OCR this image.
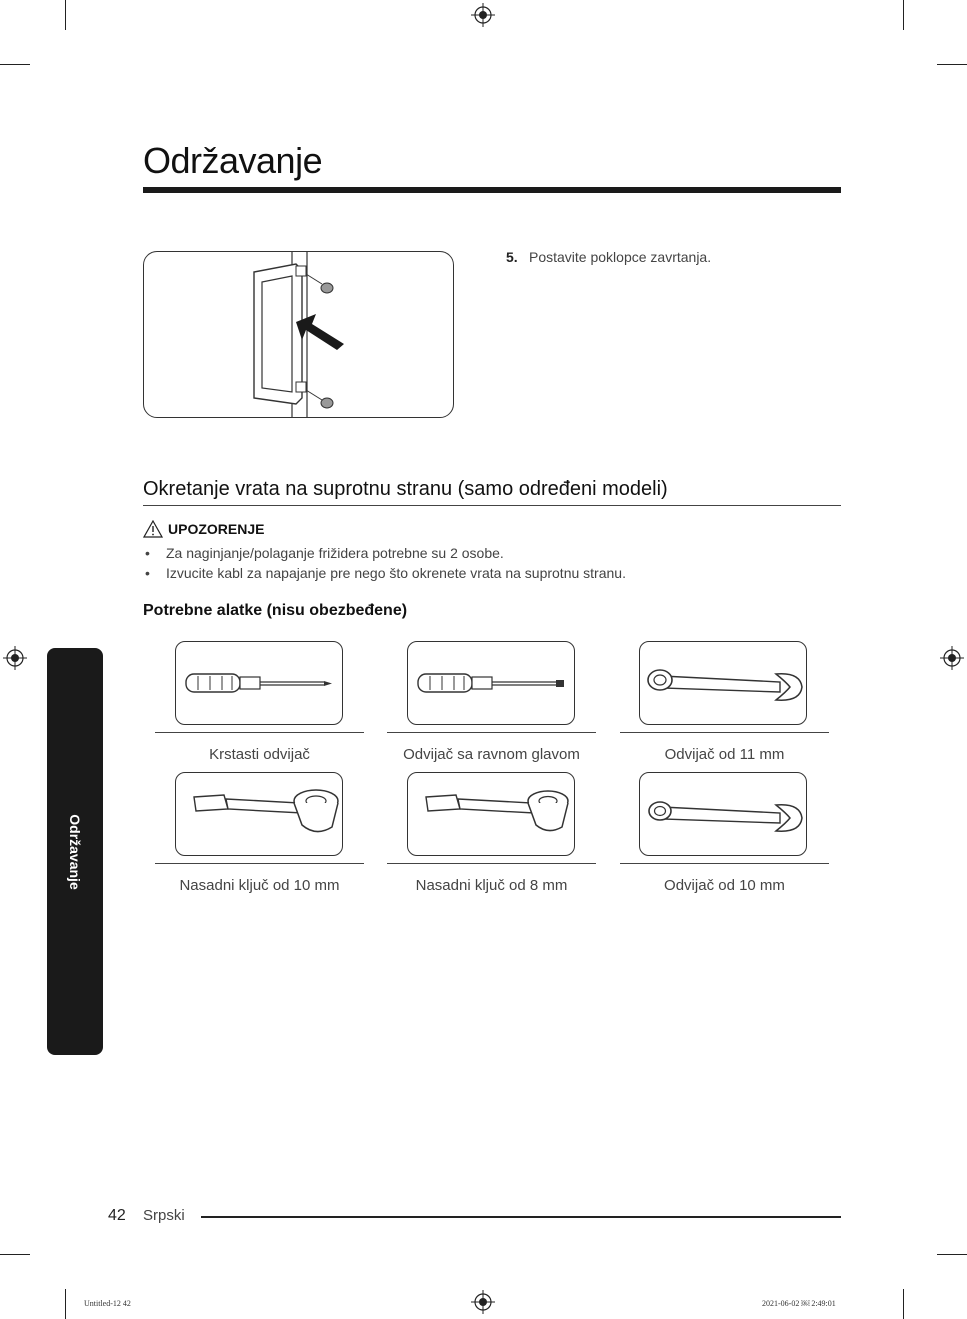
Održavanje
5. Postavite poklopce zavrtanja.
Okretanje vrata na suprotnu stranu (samo određeni modeli)
UPOZORENJE
• Za naginjanje/polaganje frižidera potrebne su 2 osobe.
• Izvucite kabl za napajanje pre nego što okrenete vrata na suprotnu stranu.
Potrebne alatke (nisu obezbeđene)
Krstasti odvijač	Odvijač sa ravnom glavom	Odvijač od 11 mm
Nasadni ključ od 10 mm	Nasadni ključ od 8 mm	Odvijač od 10 mm
Održavanje
42 Srpski
Untitled-12 42	2021-06-02 ￼ 2:49:01
